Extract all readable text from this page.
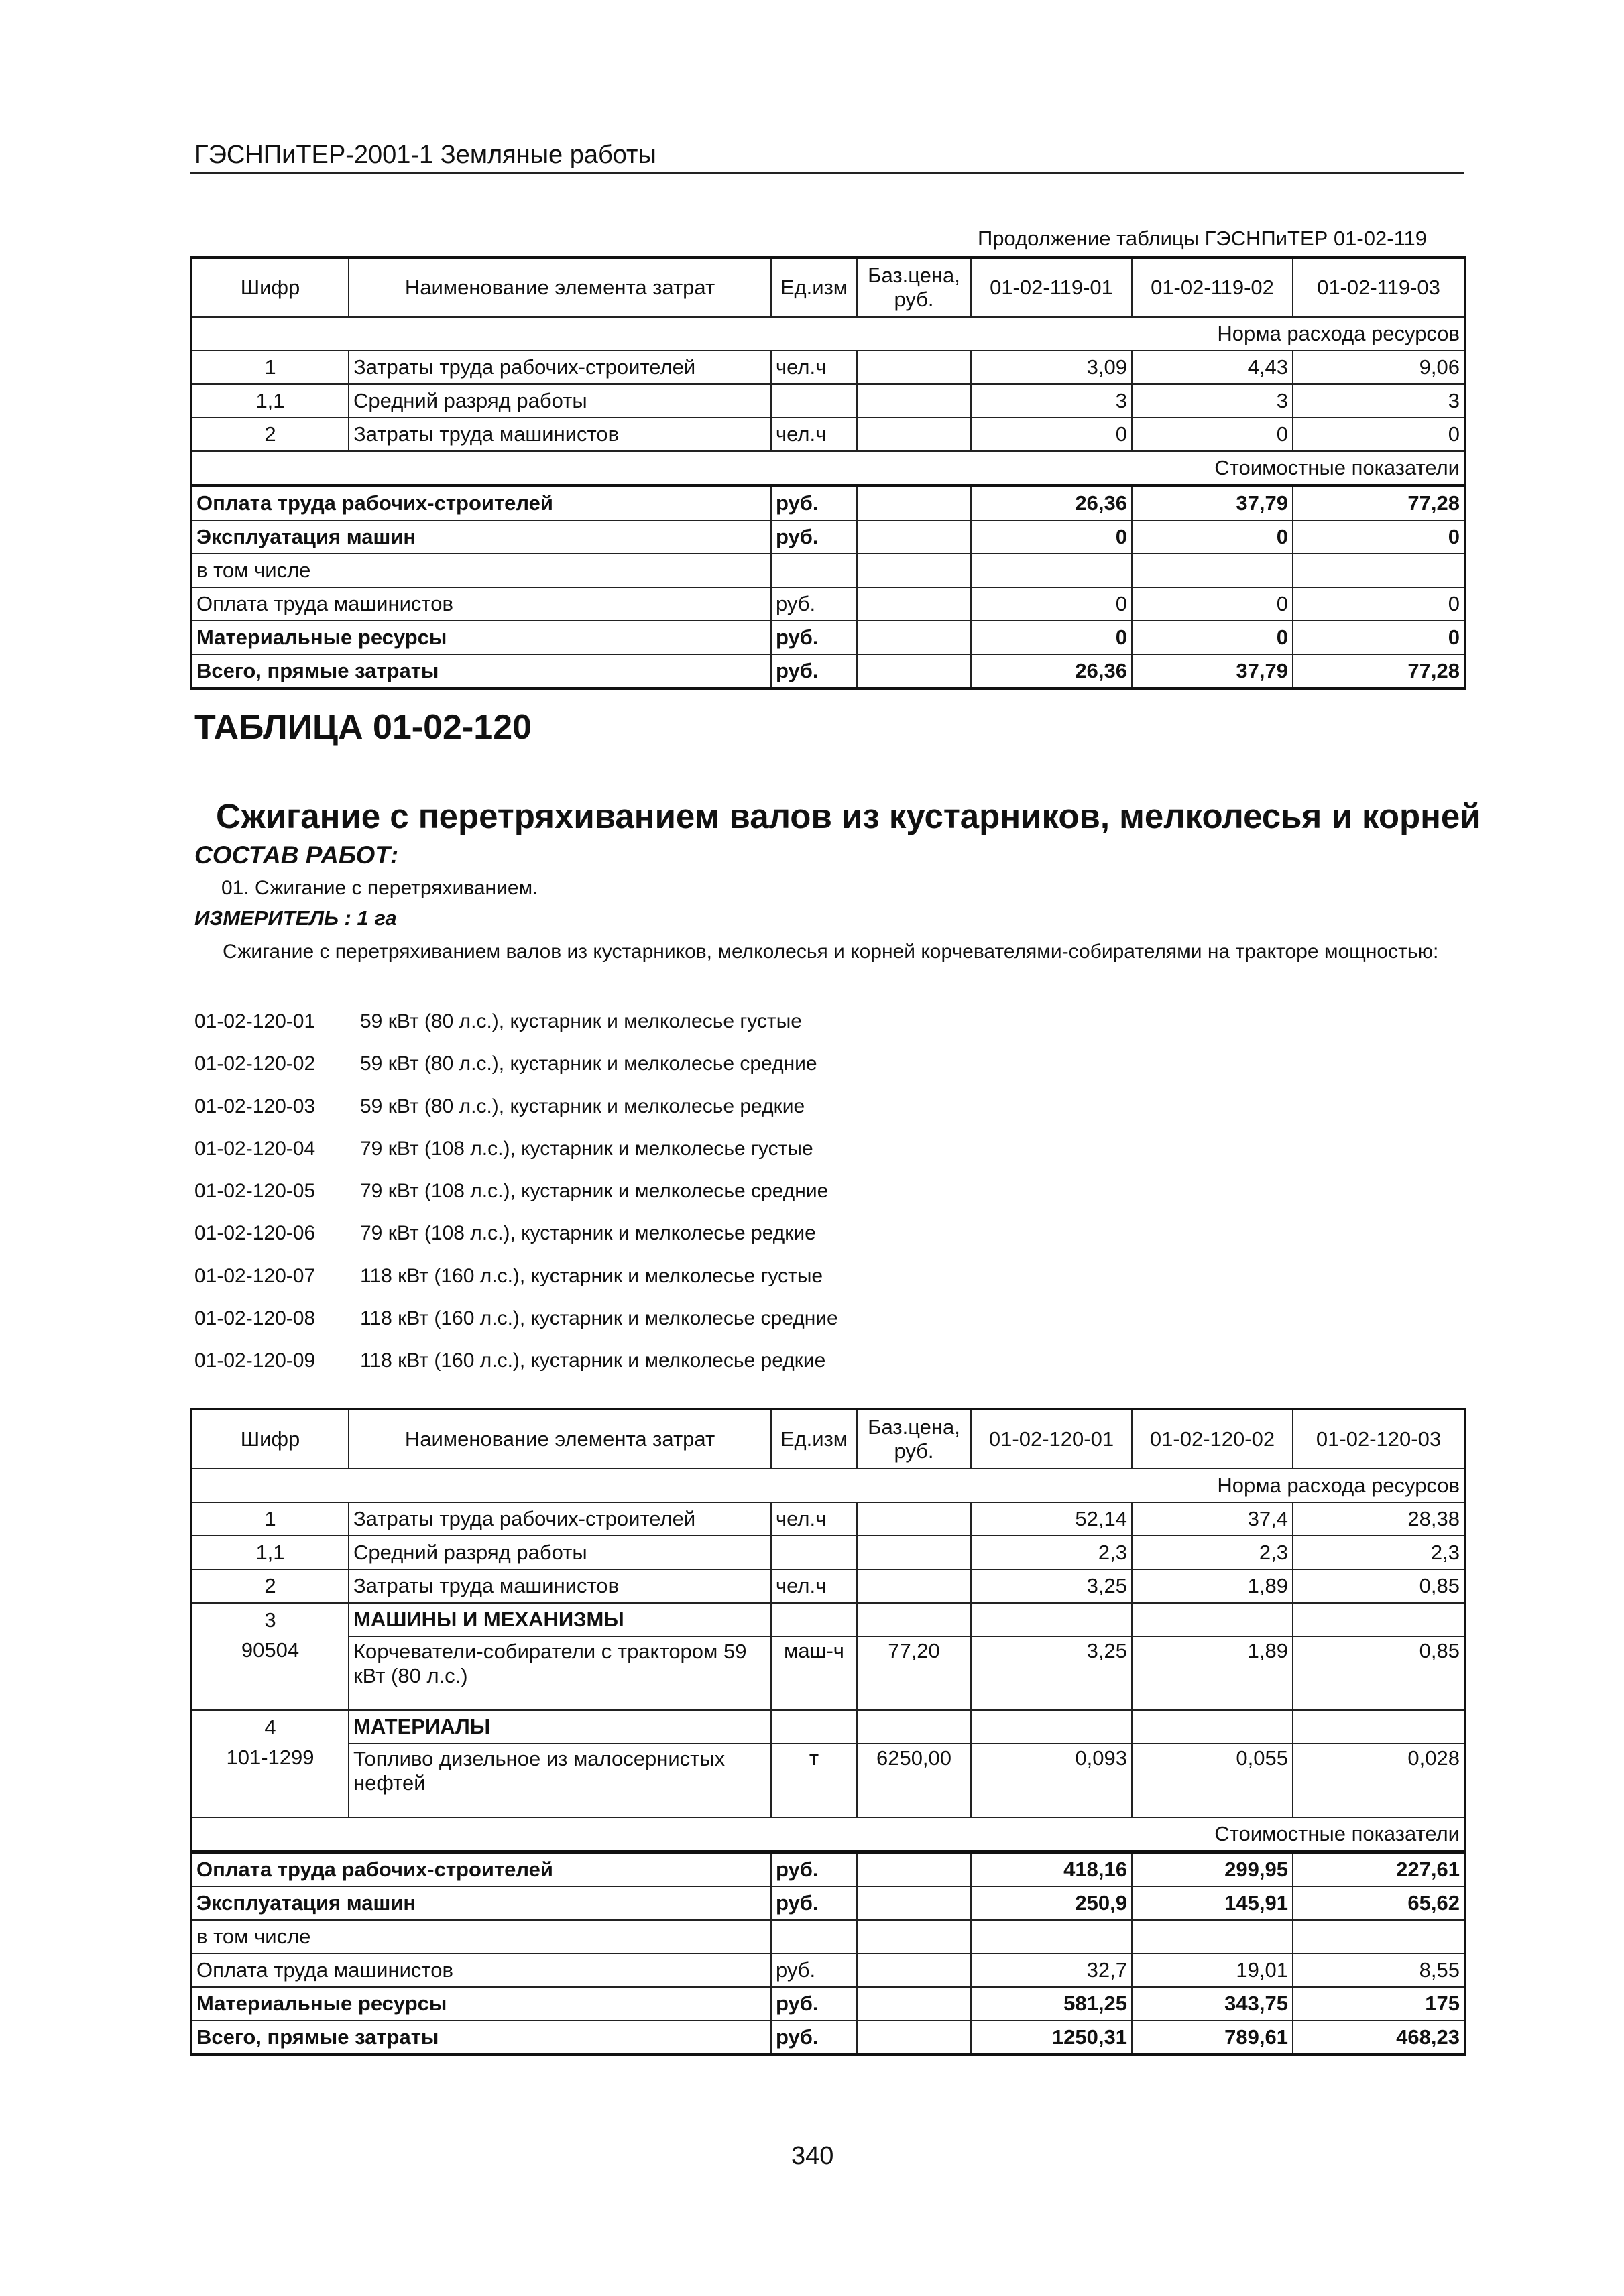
ГЭСНПиТЕР-2001-1 Земляные работы
Продолжение таблицы ГЭСНПиТЕР 01-02-119
Шифр	Наименование элемента затрат	Ед.изм	Баз.цена, руб.	01-02-119-01	01-02-119-02	01-02-119-03
Норма расхода ресурсов						
1	Затраты труда рабочих-строителей	чел.ч		3,09	4,43	9,06
1,1	Средний разряд работы			3	3	3
2	Затраты труда машинистов	чел.ч		0	0	0
Стоимостные показатели						
Оплата труда рабочих-строителей		руб.		26,36	37,79	77,28
Эксплуатация машин		руб.		0	0	0
в том числе						
Оплата труда машинистов		руб.		0	0	0
Материальные ресурсы		руб.		0	0	0
Всего, прямые затраты		руб.		26,36	37,79	77,28
ТАБЛИЦА 01-02-120
Сжигание с перетряхиванием валов из кустарников, мелколесья и корней
СОСТАВ РАБОТ:
01. Сжигание с перетряхиванием.
ИЗМЕРИТЕЛЬ : 1 га
Сжигание с перетряхиванием валов из кустарников, мелколесья и корней корчевателями-собирателями на тракторе мощностью:
01-02-120-01 59 кВт (80 л.с.), кустарник и мелколесье густые
01-02-120-02 59 кВт (80 л.с.), кустарник и мелколесье средние
01-02-120-03 59 кВт (80 л.с.), кустарник и мелколесье редкие
01-02-120-04 79 кВт (108 л.с.), кустарник и мелколесье густые
01-02-120-05 79 кВт (108 л.с.), кустарник и мелколесье средние
01-02-120-06 79 кВт (108 л.с.), кустарник и мелколесье редкие
01-02-120-07 118 кВт (160 л.с.), кустарник и мелколесье густые
01-02-120-08 118 кВт (160 л.с.), кустарник и мелколесье средние
01-02-120-09 118 кВт (160 л.с.), кустарник и мелколесье редкие
Шифр	Наименование элемента затрат	Ед.изм	Баз.цена, руб.	01-02-120-01	01-02-120-02	01-02-120-03
Норма расхода ресурсов						
1	Затраты труда рабочих-строителей	чел.ч		52,14	37,4	28,38
1,1	Средний разряд работы			2,3	2,3	2,3
2	Затраты труда машинистов	чел.ч		3,25	1,89	0,85
3	МАШИНЫ И МЕХАНИЗМЫ					
90504	Корчеватели-собиратели с трактором 59 кВт (80 л.с.)	маш-ч	77,20	3,25	1,89	0,85
4	МАТЕРИАЛЫ					
101-1299	Топливо дизельное из малосернистых нефтей	т	6250,00	0,093	0,055	0,028
Стоимостные показатели						
Оплата труда рабочих-строителей		руб.		418,16	299,95	227,61
Эксплуатация машин		руб.		250,9	145,91	65,62
в том числе						
Оплата труда машинистов		руб.		32,7	19,01	8,55
Материальные ресурсы		руб.		581,25	343,75	175
Всего, прямые затраты		руб.		1250,31	789,61	468,23
340
